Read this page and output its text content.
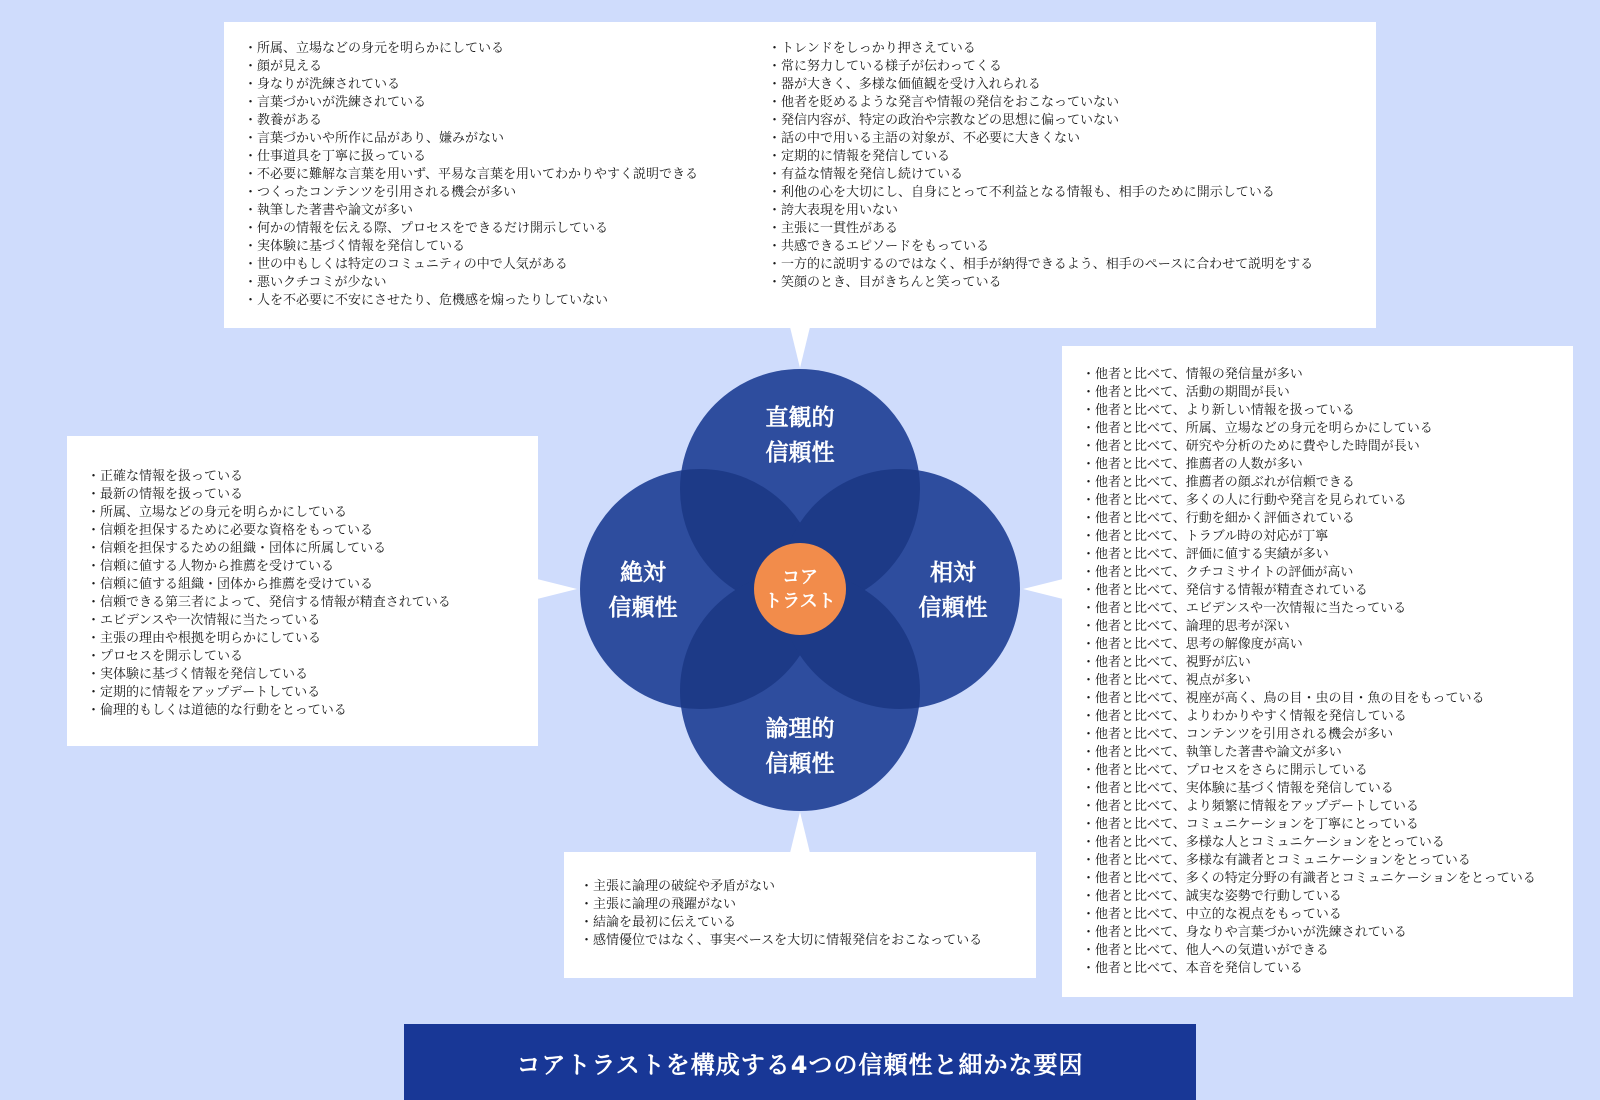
・ 所属、立場などの身元を明らかにしている
・ 顔が見える
・ 身なりが洗練されている
・ 言葉づかいが洗練されている
・ 教養がある
・ 言葉づかいや所作に品があり、嫌みがない
・ 仕事道具を丁寧に扱っている
・ 不必要に難解な言葉を用いず、平易な言葉を用いてわかりやすく説明できる
・ つくったコンテンツを引用される機会が多い
・ 執筆した著書や論文が多い
・ 何かの情報を伝える際、プロセスをできるだけ開示している
・ 実体験に基づく情報を発信している
・ 世の中もしくは特定のコミュニティの中で人気がある
・ 悪いクチコミが少ない
・ 人を不必要に不安にさせたり、危機感を煽ったりしていない
・ トレンドをしっかり押さえている
・ 常に努力している様子が伝わってくる
・ 器が大きく、多様な価値観を受け入れられる
・ 他者を貶めるような発言や情報の発信をおこなっていない
・ 発信内容が、特定の政治や宗教などの思想に偏っていない
・ 話の中で用いる主語の対象が、不必要に大きくない
・ 定期的に情報を発信している
・ 有益な情報を発信し続けている
・ 利他の心を大切にし、自身にとって不利益となる情報も、相手のために開示している
・ 誇大表現を用いない
・ 主張に一貫性がある
・ 共感できるエピソードをもっている
・ 一方的に説明するのではなく、相手が納得できるよう、相手のペースに合わせて説明をする
・ 笑顔のとき、目がきちんと笑っている
・ 正確な情報を扱っている
・ 最新の情報を扱っている
・ 所属、立場などの身元を明らかにしている
・ 信頼を担保するために必要な資格をもっている
・ 信頼を担保するための組織・団体に所属している
・ 信頼に値する人物から推薦を受けている
・ 信頼に値する組織・団体から推薦を受けている
・ 信頼できる第三者によって、発信する情報が精査されている
・ エビデンスや一次情報に当たっている
・ 主張の理由や根拠を明らかにしている
・ プロセスを開示している
・ 実体験に基づく情報を発信している
・ 定期的に情報をアップデートしている
・ 倫理的もしくは道徳的な行動をとっている
・ 他者と比べて、情報の発信量が多い
・ 他者と比べて、活動の期間が長い
・ 他者と比べて、より新しい情報を扱っている
・ 他者と比べて、所属、立場などの身元を明らかにしている
・ 他者と比べて、研究や分析のために費やした時間が長い
・ 他者と比べて、推薦者の人数が多い
・ 他者と比べて、推薦者の顔ぶれが信頼できる
・ 他者と比べて、多くの人に行動や発言を見られている
・ 他者と比べて、行動を細かく評価されている
・ 他者と比べて、トラブル時の対応が丁寧
・ 他者と比べて、評価に値する実績が多い
・ 他者と比べて、クチコミサイトの評価が高い
・ 他者と比べて、発信する情報が精査されている
・ 他者と比べて、エビデンスや一次情報に当たっている
・ 他者と比べて、論理的思考が深い
・ 他者と比べて、思考の解像度が高い
・ 他者と比べて、視野が広い
・ 他者と比べて、視点が多い
・ 他者と比べて、視座が高く、鳥の目・虫の目・魚の目をもっている
・ 他者と比べて、よりわかりやすく情報を発信している
・ 他者と比べて、コンテンツを引用される機会が多い
・ 他者と比べて、執筆した著書や論文が多い
・ 他者と比べて、プロセスをさらに開示している
・ 他者と比べて、実体験に基づく情報を発信している
・ 他者と比べて、より頻繁に情報をアップデートしている
・ 他者と比べて、コミュニケーションを丁寧にとっている
・ 他者と比べて、多様な人とコミュニケーションをとっている
・ 他者と比べて、多様な有識者とコミュニケーションをとっている
・ 他者と比べて、多くの特定分野の有識者とコミュニケーションをとっている
・ 他者と比べて、誠実な姿勢で行動している
・ 他者と比べて、中立的な視点をもっている
・ 他者と比べて、身なりや言葉づかいが洗練されている
・ 他者と比べて、他人への気遣いができる
・ 他者と比べて、本音を発信している
・ 主張に論理の破綻や矛盾がない
・ 主張に論理の飛躍がない
・ 結論を最初に伝えている
・ 感情優位ではなく、事実ベースを大切に情報発信をおこなっている
直観的
信頼性
絶対
信頼性
相対
信頼性
論理的
信頼性
コア
トラスト
コアトラストを構成する4つの信頼性と細かな要因
